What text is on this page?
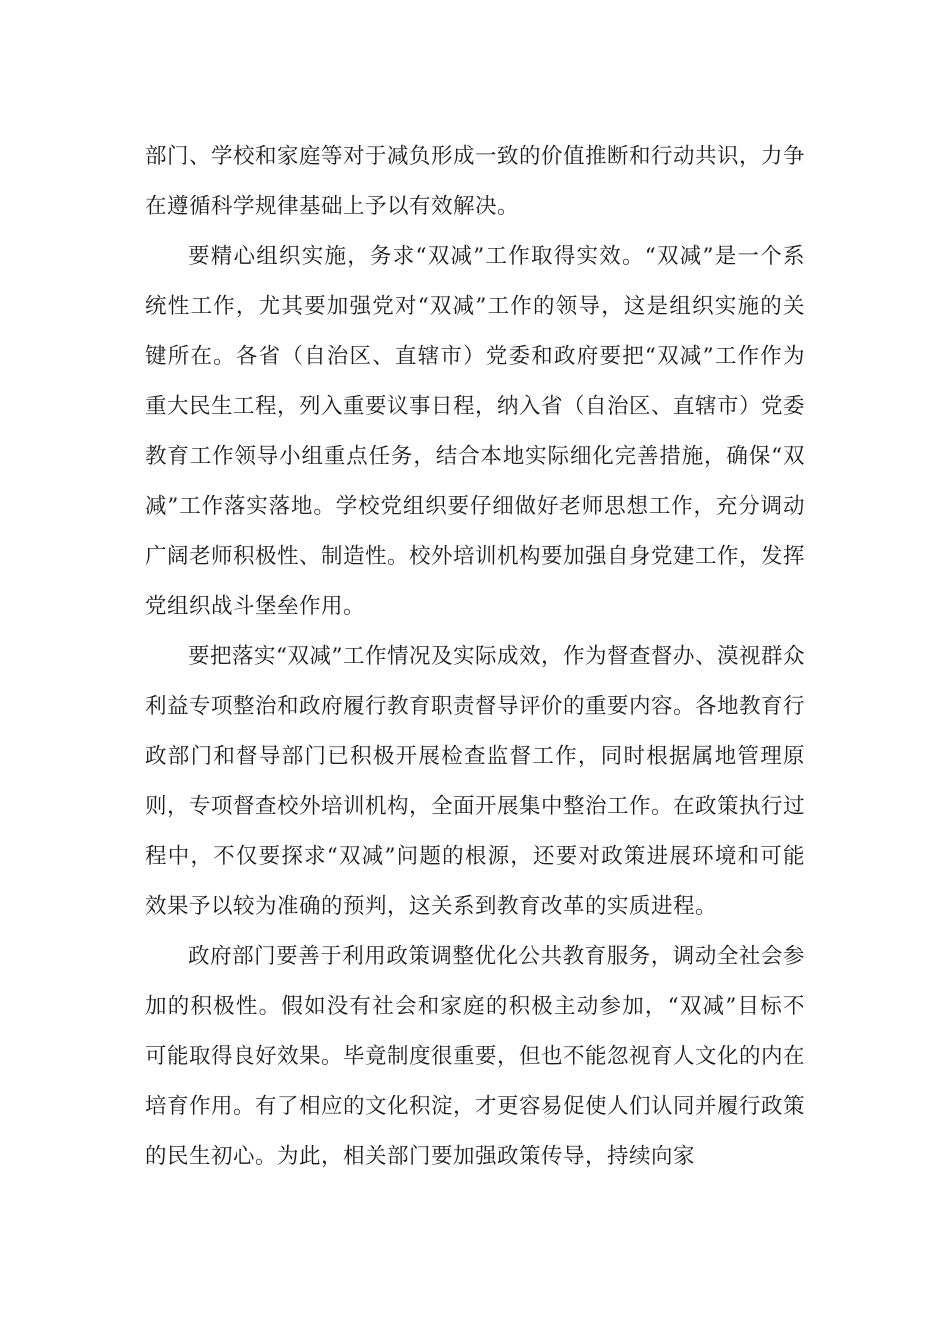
部门、学校和家庭等对于减负形成一致的价值推断和行动共识，力争在遵循科学规律基础上予以有效解决。

要精心组织实施，务求“双减”工作取得实效。“双减”是一个系统性工作，尤其要加强党对“双减”工作的领导，这是组织实施的关键所在。各省（自治区、直辖市）党委和政府要把“双减”工作作为重大民生工程，列入重要议事日程，纳入省（自治区、直辖市）党委教育工作领导小组重点任务，结合本地实际细化完善措施，确保“双减”工作落实落地。学校党组织要仔细做好老师思想工作，充分调动广阔老师积极性、制造性。校外培训机构要加强自身党建工作，发挥党组织战斗堡垒作用。

要把落实“双减”工作情况及实际成效，作为督查督办、漠视群众利益专项整治和政府履行教育职责督导评价的重要内容。各地教育行政部门和督导部门已积极开展检查监督工作，同时根据属地管理原则，专项督查校外培训机构，全面开展集中整治工作。在政策执行过程中，不仅要探求“双减”问题的根源，还要对政策进展环境和可能效果予以较为准确的预判，这关系到教育改革的实质进程。

政府部门要善于利用政策调整优化公共教育服务，调动全社会参加的积极性。假如没有社会和家庭的积极主动参加，“双减”目标不可能取得良好效果。毕竟制度很重要，但也不能忽视育人文化的内在培育作用。有了相应的文化积淀，才更容易促使人们认同并履行政策的民生初心。为此，相关部门要加强政策传导，持续向家
